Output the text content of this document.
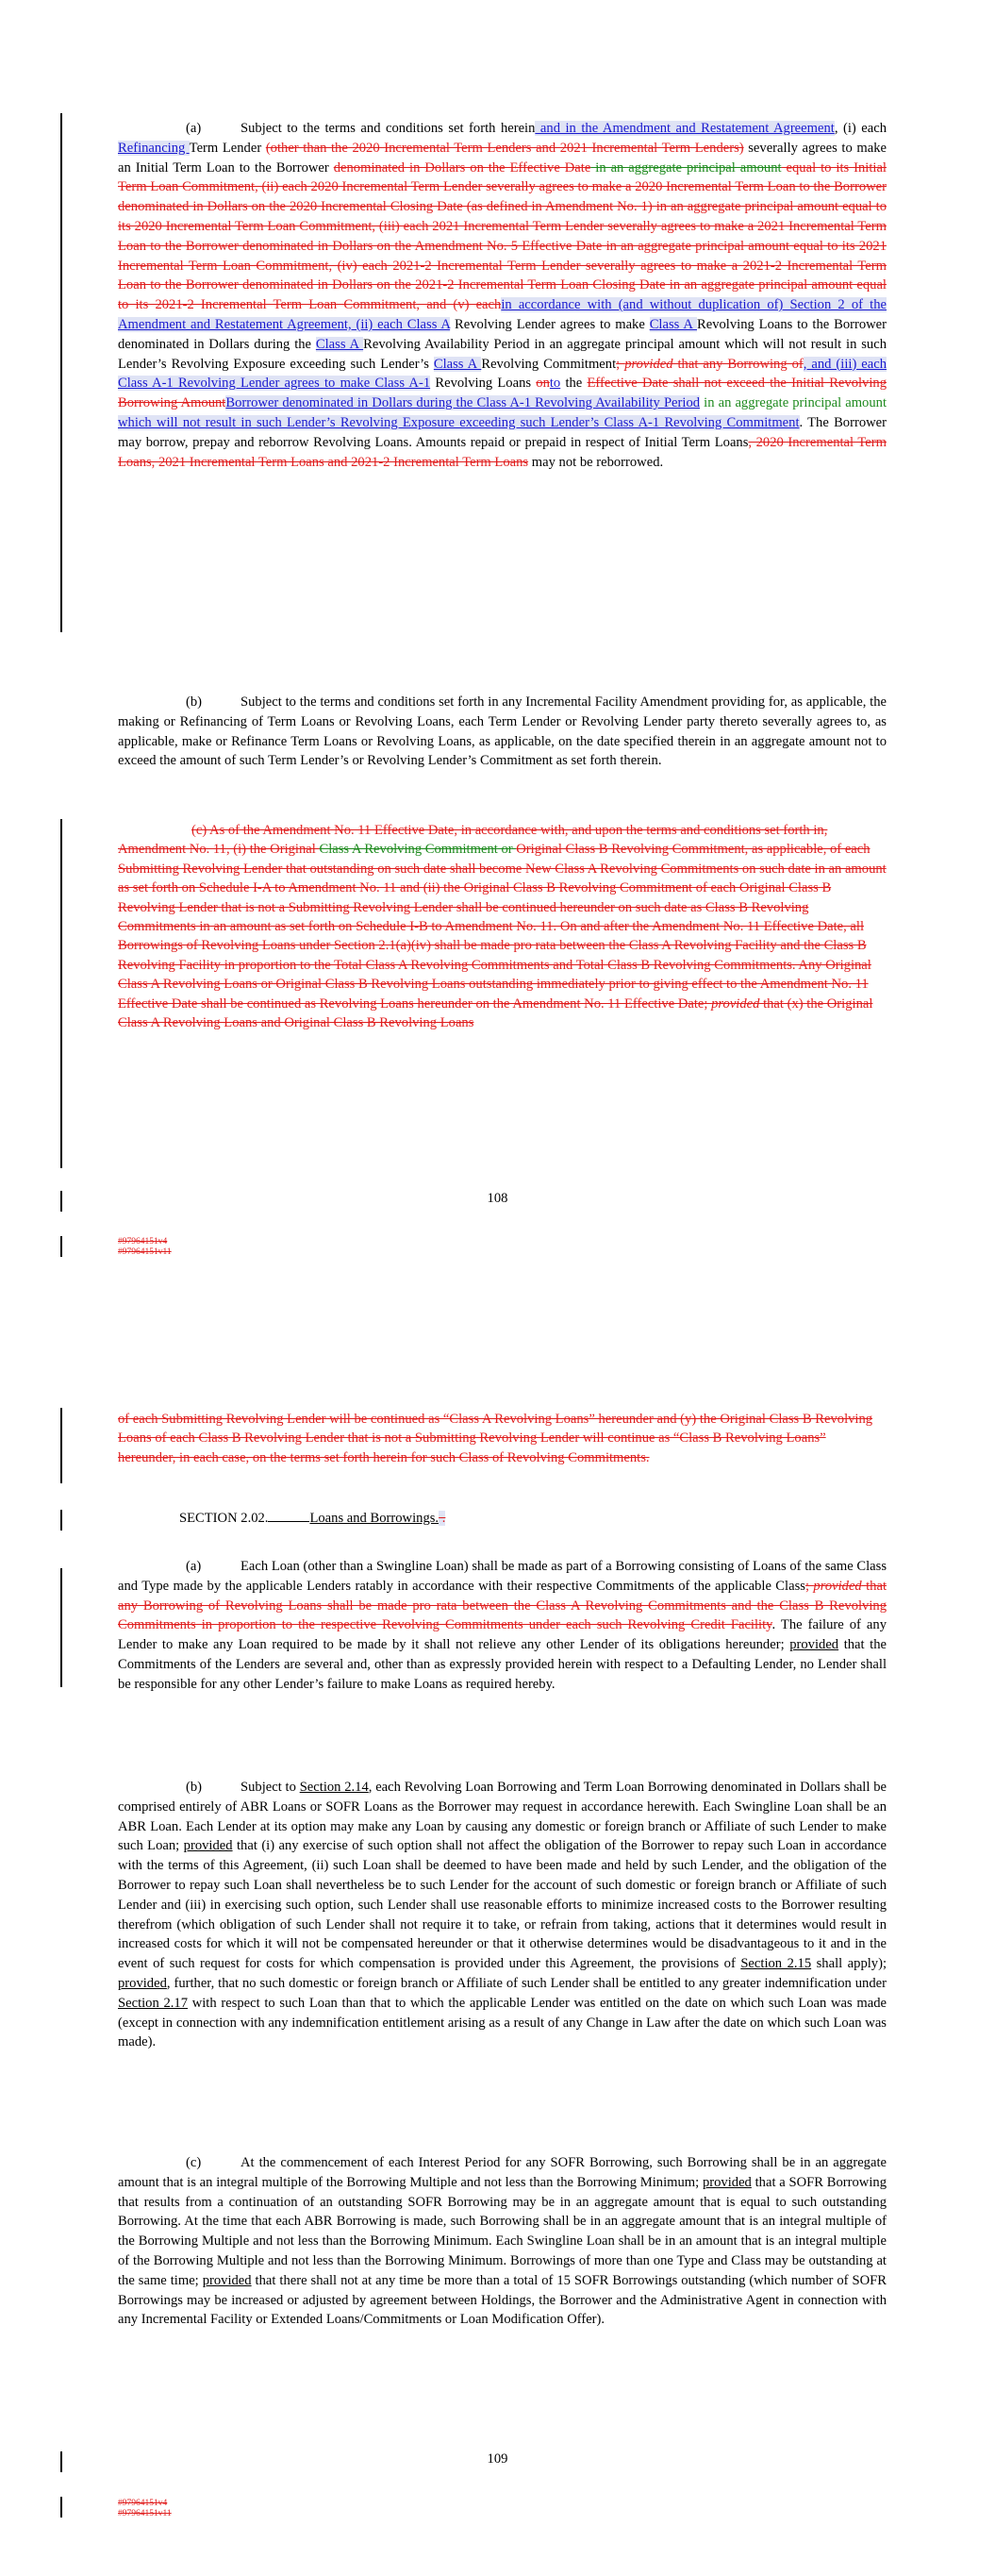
(a)	Subject to the terms and conditions set forth herein and in the Amendment and Restatement Agreement, (i) each Refinancing Term Lender (other than the 2020 Incremental Term Lenders and 2021 Incremental Term Lenders) severally agrees to make an Initial Term Loan to the Borrower denominated in Dollars on the Effective Date in an aggregate principal amount equal to its Initial Term Loan Commitment, (ii) each 2020 Incremental Term Lender severally agrees to make a 2020 Incremental Term Loan to the Borrower denominated in Dollars on the 2020 Incremental Closing Date (as defined in Amendment No. 1) in an aggregate principal amount equal to its 2020 Incremental Term Loan Commitment, (iii) each 2021 Incremental Term Lender severally agrees to make a 2021 Incremental Term Loan to the Borrower denominated in Dollars on the Amendment No. 5 Effective Date in an aggregate principal amount equal to its 2021 Incremental Term Loan Commitment, (iv) each 2021-2 Incremental Term Lender severally agrees to make a 2021-2 Incremental Term Loan to the Borrower denominated in Dollars on the 2021-2 Incremental Term Loan Closing Date in an aggregate principal amount equal to its 2021-2 Incremental Term Loan Commitment, and (v) eachin accordance with (and without duplication of) Section 2 of the Amendment and Restatement Agreement, (ii) each Class A Revolving Lender agrees to make Class A Revolving Loans to the Borrower denominated in Dollars during the Class A Revolving Availability Period in an aggregate principal amount which will not result in such Lender’s Revolving Exposure exceeding such Lender’s Class A Revolving Commitment; provided that any Borrowing of, and (iii) each Class A-1 Revolving Lender agrees to make Class A-1 Revolving Loans onto the Effective Date shall not exceed the Initial Revolving Borrowing AmountBorrower denominated in Dollars during the Class A-1 Revolving Availability Period in an aggregate principal amount which will not result in such Lender’s Revolving Exposure exceeding such Lender’s Class A-1 Revolving Commitment. The Borrower may borrow, prepay and reborrow Revolving Loans. Amounts repaid or prepaid in respect of Initial Term Loans, 2020 Incremental Term Loans, 2021 Incremental Term Loans and 2021-2 Incremental Term Loans may not be reborrowed.
(b)	Subject to the terms and conditions set forth in any Incremental Facility Amendment providing for, as applicable, the making or Refinancing of Term Loans or Revolving Loans, each Term Lender or Revolving Lender party thereto severally agrees to, as applicable, make or Refinance Term Loans or Revolving Loans, as applicable, on the date specified therein in an aggregate amount not to exceed the amount of such Term Lender’s or Revolving Lender’s Commitment as set forth therein.
(c) As of the Amendment No. 11 Effective Date, in accordance with, and upon the terms and conditions set forth in, Amendment No. 11, (i) the Original Class A Revolving Commitment or Original Class B Revolving Commitment, as applicable, of each Submitting Revolving Lender that outstanding on such date shall become New Class A Revolving Commitments on such date in an amount as set forth on Schedule I-A to Amendment No. 11 and (ii) the Original Class B Revolving Commitment of each Original Class B Revolving Lender that is not a Submitting Revolving Lender shall be continued hereunder on such date as Class B Revolving Commitments in an amount as set forth on Schedule I-B to Amendment No. 11. On and after the Amendment No. 11 Effective Date, all Borrowings of Revolving Loans under Section 2.1(a)(iv) shall be made pro rata between the Class A Revolving Facility and the Class B Revolving Facility in proportion to the Total Class A Revolving Commitments and Total Class B Revolving Commitments. Any Original Class A Revolving Loans or Original Class B Revolving Loans outstanding immediately prior to giving effect to the Amendment No. 11 Effective Date shall be continued as Revolving Loans hereunder on the Amendment No. 11 Effective Date; provided that (x) the Original Class A Revolving Loans and Original Class B Revolving Loans
108
#97964151v4
#97964151v11
of each Submitting Revolving Lender will be continued as “Class A Revolving Loans” hereunder and (y) the Original Class B Revolving Loans of each Class B Revolving Lender that is not a Submitting Revolving Lender will continue as “Class B Revolving Loans” hereunder, in each case, on the terms set forth herein for such Class of Revolving Commitments.
SECTION 2.02.	Loans and Borrowings. .
(a)	Each Loan (other than a Swingline Loan) shall be made as part of a Borrowing consisting of Loans of the same Class and Type made by the applicable Lenders ratably in accordance with their respective Commitments of the applicable Class; provided that any Borrowing of Revolving Loans shall be made pro rata between the Class A Revolving Commitments and the Class B Revolving Commitments in proportion to the respective Revolving Commitments under each such Revolving Credit Facility. The failure of any Lender to make any Loan required to be made by it shall not relieve any other Lender of its obligations hereunder; provided that the Commitments of the Lenders are several and, other than as expressly provided herein with respect to a Defaulting Lender, no Lender shall be responsible for any other Lender’s failure to make Loans as required hereby.
(b)	Subject to Section 2.14, each Revolving Loan Borrowing and Term Loan Borrowing denominated in Dollars shall be comprised entirely of ABR Loans or SOFR Loans as the Borrower may request in accordance herewith. Each Swingline Loan shall be an ABR Loan. Each Lender at its option may make any Loan by causing any domestic or foreign branch or Affiliate of such Lender to make such Loan; provided that (i) any exercise of such option shall not affect the obligation of the Borrower to repay such Loan in accordance with the terms of this Agreement, (ii) such Loan shall be deemed to have been made and held by such Lender, and the obligation of the Borrower to repay such Loan shall nevertheless be to such Lender for the account of such domestic or foreign branch or Affiliate of such Lender and (iii) in exercising such option, such Lender shall use reasonable efforts to minimize increased costs to the Borrower resulting therefrom (which obligation of such Lender shall not require it to take, or refrain from taking, actions that it determines would result in increased costs for which it will not be compensated hereunder or that it otherwise determines would be disadvantageous to it and in the event of such request for costs for which compensation is provided under this Agreement, the provisions of Section 2.15 shall apply); provided, further, that no such domestic or foreign branch or Affiliate of such Lender shall be entitled to any greater indemnification under Section 2.17 with respect to such Loan than that to which the applicable Lender was entitled on the date on which such Loan was made (except in connection with any indemnification entitlement arising as a result of any Change in Law after the date on which such Loan was made).
(c)	At the commencement of each Interest Period for any SOFR Borrowing, such Borrowing shall be in an aggregate amount that is an integral multiple of the Borrowing Multiple and not less than the Borrowing Minimum; provided that a SOFR Borrowing that results from a continuation of an outstanding SOFR Borrowing may be in an aggregate amount that is equal to such outstanding Borrowing. At the time that each ABR Borrowing is made, such Borrowing shall be in an aggregate amount that is an integral multiple of the Borrowing Multiple and not less than the Borrowing Minimum. Each Swingline Loan shall be in an amount that is an integral multiple of the Borrowing Multiple and not less than the Borrowing Minimum. Borrowings of more than one Type and Class may be outstanding at the same time; provided that there shall not at any time be more than a total of 15 SOFR Borrowings outstanding (which number of SOFR Borrowings may be increased or adjusted by agreement between Holdings, the Borrower and the Administrative Agent in connection with any Incremental Facility or Extended Loans/Commitments or Loan Modification Offer).
109
#97964151v4
#97964151v11
